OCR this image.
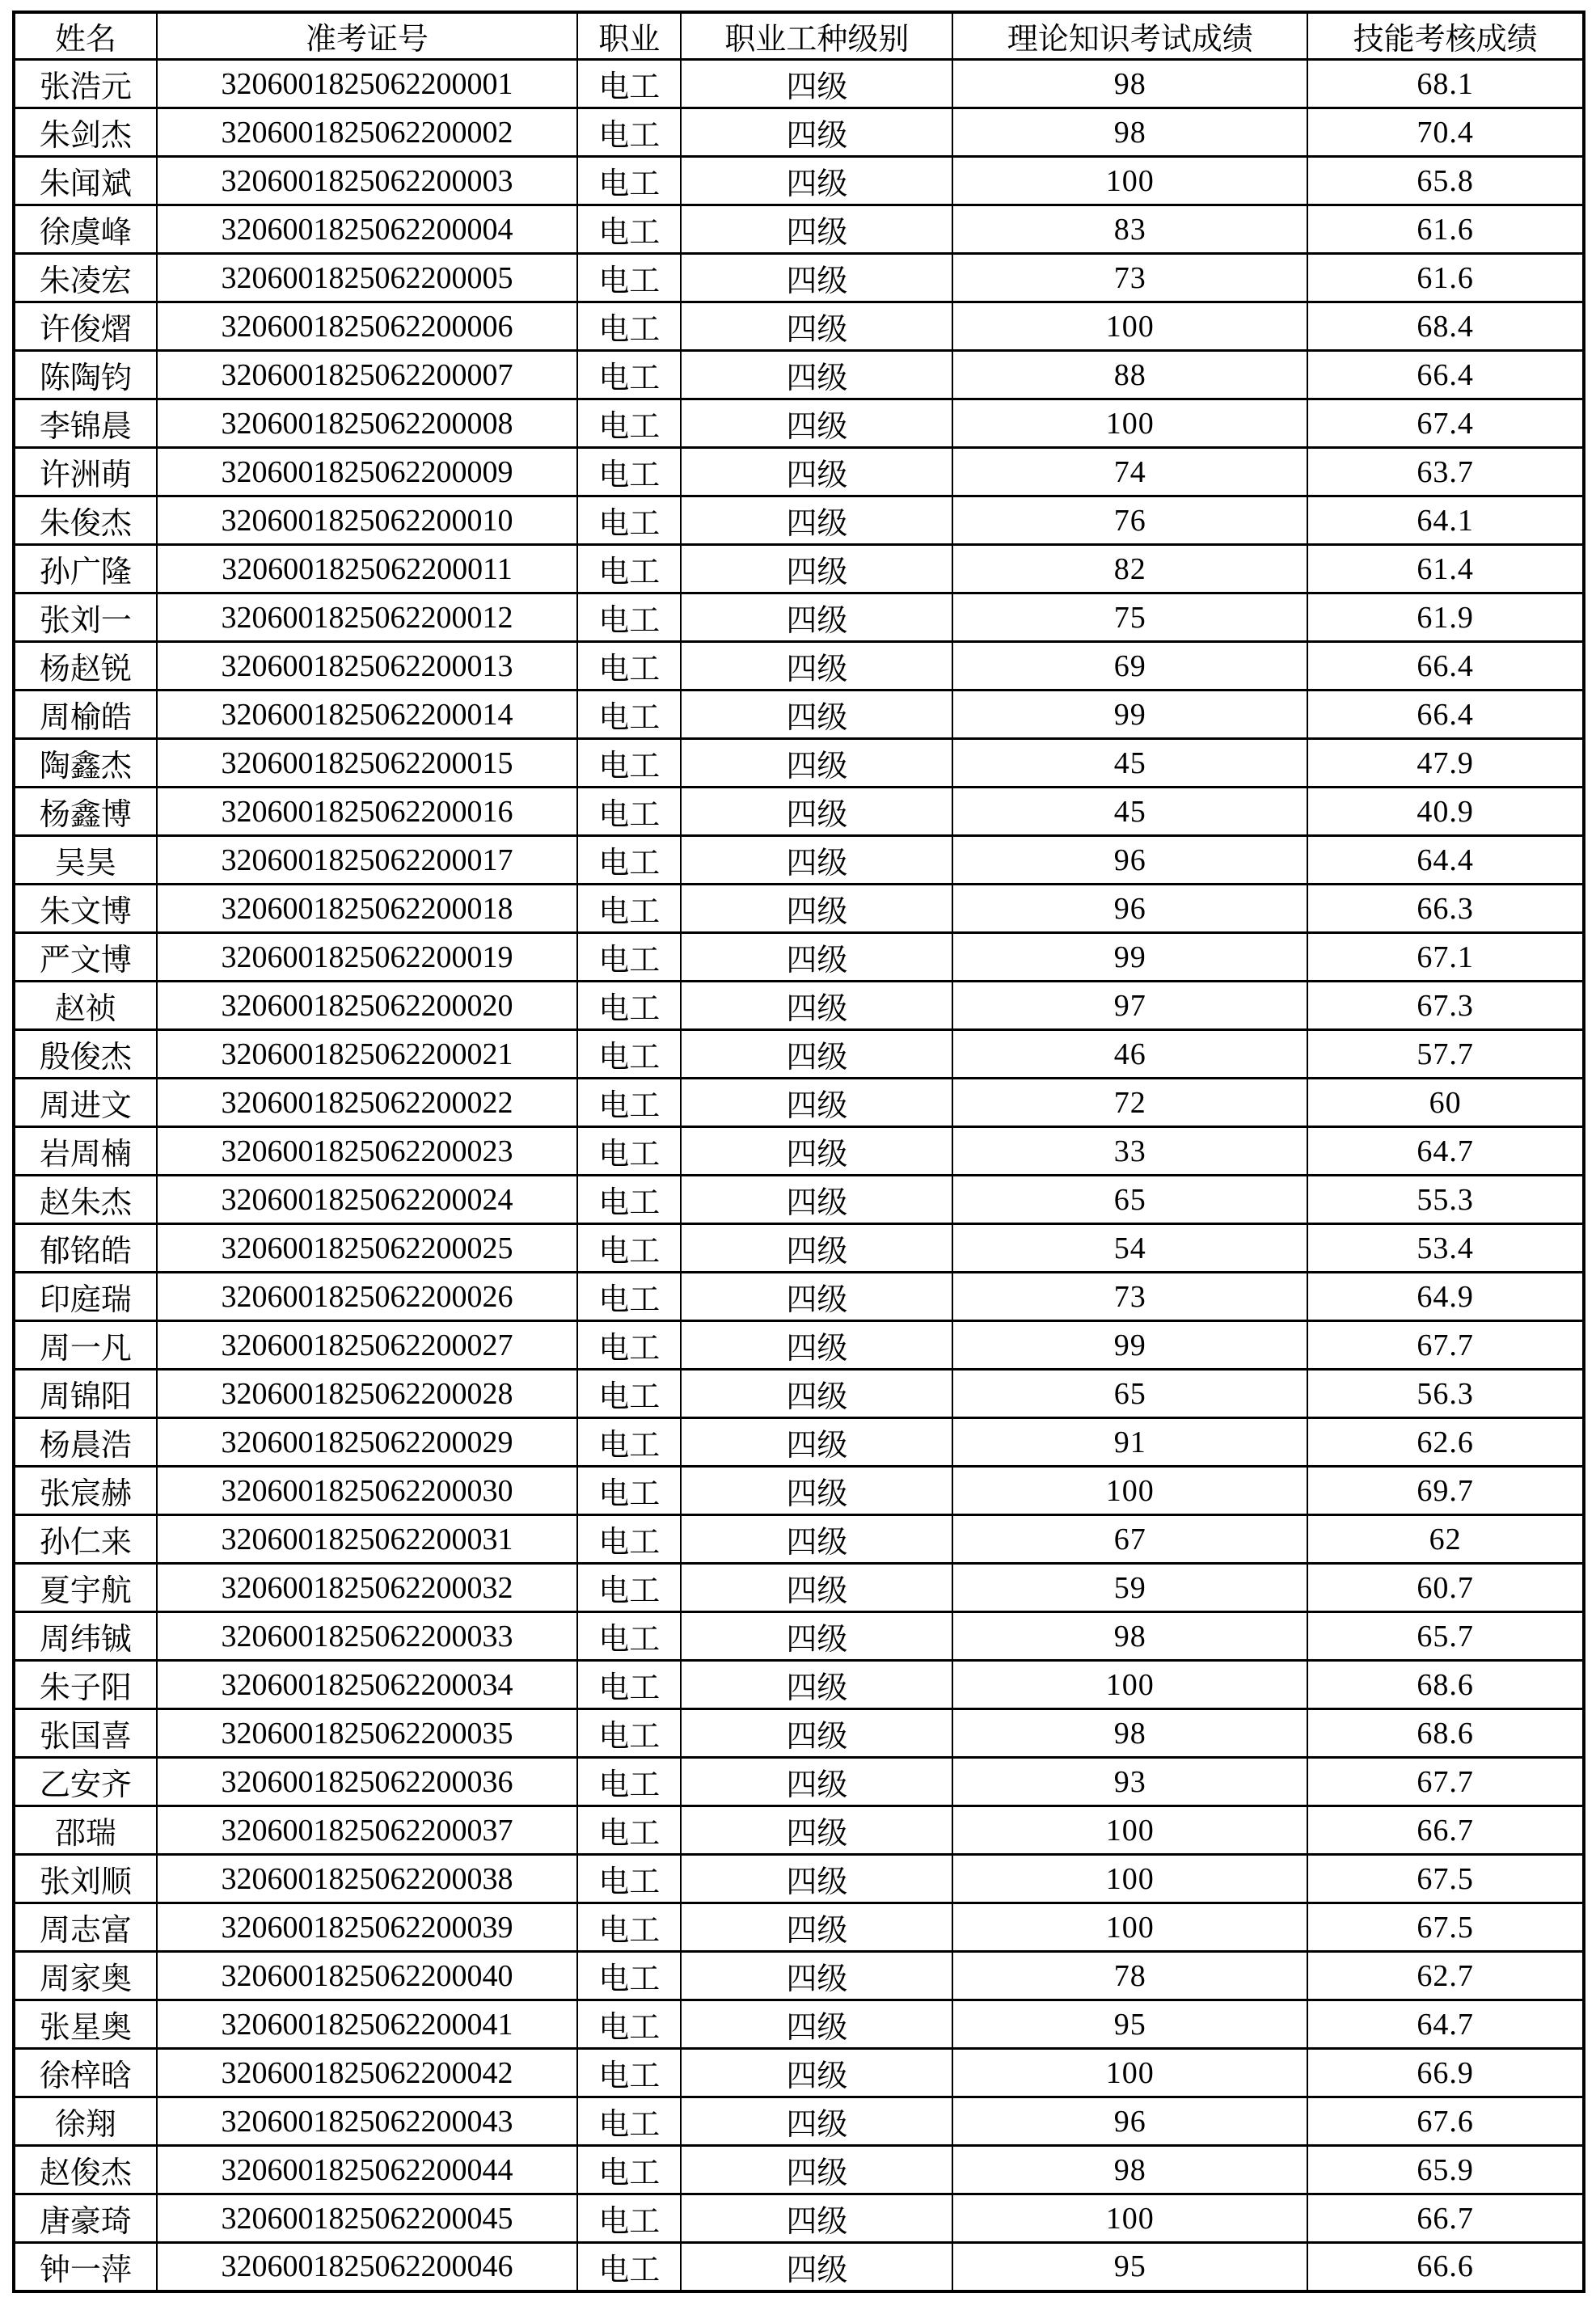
姓名	准考证号	职业	职业工种级别	理论知识考试成绩	技能考核成绩
张浩元	3206001825062200001	电工	四级	98	68.1
朱剑杰	3206001825062200002	电工	四级	98	70.4
朱闻斌	3206001825062200003	电工	四级	100	65.8
徐虞峰	3206001825062200004	电工	四级	83	61.6
朱凌宏	3206001825062200005	电工	四级	73	61.6
许俊熠	3206001825062200006	电工	四级	100	68.4
陈陶钧	3206001825062200007	电工	四级	88	66.4
李锦晨	3206001825062200008	电工	四级	100	67.4
许洲萌	3206001825062200009	电工	四级	74	63.7
朱俊杰	3206001825062200010	电工	四级	76	64.1
孙广隆	3206001825062200011	电工	四级	82	61.4
张刘一	3206001825062200012	电工	四级	75	61.9
杨赵锐	3206001825062200013	电工	四级	69	66.4
周榆皓	3206001825062200014	电工	四级	99	66.4
陶鑫杰	3206001825062200015	电工	四级	45	47.9
杨鑫博	3206001825062200016	电工	四级	45	40.9
吴昊	3206001825062200017	电工	四级	96	64.4
朱文博	3206001825062200018	电工	四级	96	66.3
严文博	3206001825062200019	电工	四级	99	67.1
赵祯	3206001825062200020	电工	四级	97	67.3
殷俊杰	3206001825062200021	电工	四级	46	57.7
周进文	3206001825062200022	电工	四级	72	60
岩周楠	3206001825062200023	电工	四级	33	64.7
赵朱杰	3206001825062200024	电工	四级	65	55.3
郁铭皓	3206001825062200025	电工	四级	54	53.4
印庭瑞	3206001825062200026	电工	四级	73	64.9
周一凡	3206001825062200027	电工	四级	99	67.7
周锦阳	3206001825062200028	电工	四级	65	56.3
杨晨浩	3206001825062200029	电工	四级	91	62.6
张宸赫	3206001825062200030	电工	四级	100	69.7
孙仁来	3206001825062200031	电工	四级	67	62
夏宇航	3206001825062200032	电工	四级	59	60.7
周纬铖	3206001825062200033	电工	四级	98	65.7
朱子阳	3206001825062200034	电工	四级	100	68.6
张国喜	3206001825062200035	电工	四级	98	68.6
乙安齐	3206001825062200036	电工	四级	93	67.7
邵瑞	3206001825062200037	电工	四级	100	66.7
张刘顺	3206001825062200038	电工	四级	100	67.5
周志富	3206001825062200039	电工	四级	100	67.5
周家奥	3206001825062200040	电工	四级	78	62.7
张星奥	3206001825062200041	电工	四级	95	64.7
徐梓晗	3206001825062200042	电工	四级	100	66.9
徐翔	3206001825062200043	电工	四级	96	67.6
赵俊杰	3206001825062200044	电工	四级	98	65.9
唐豪琦	3206001825062200045	电工	四级	100	66.7
钟一萍	3206001825062200046	电工	四级	95	66.6
